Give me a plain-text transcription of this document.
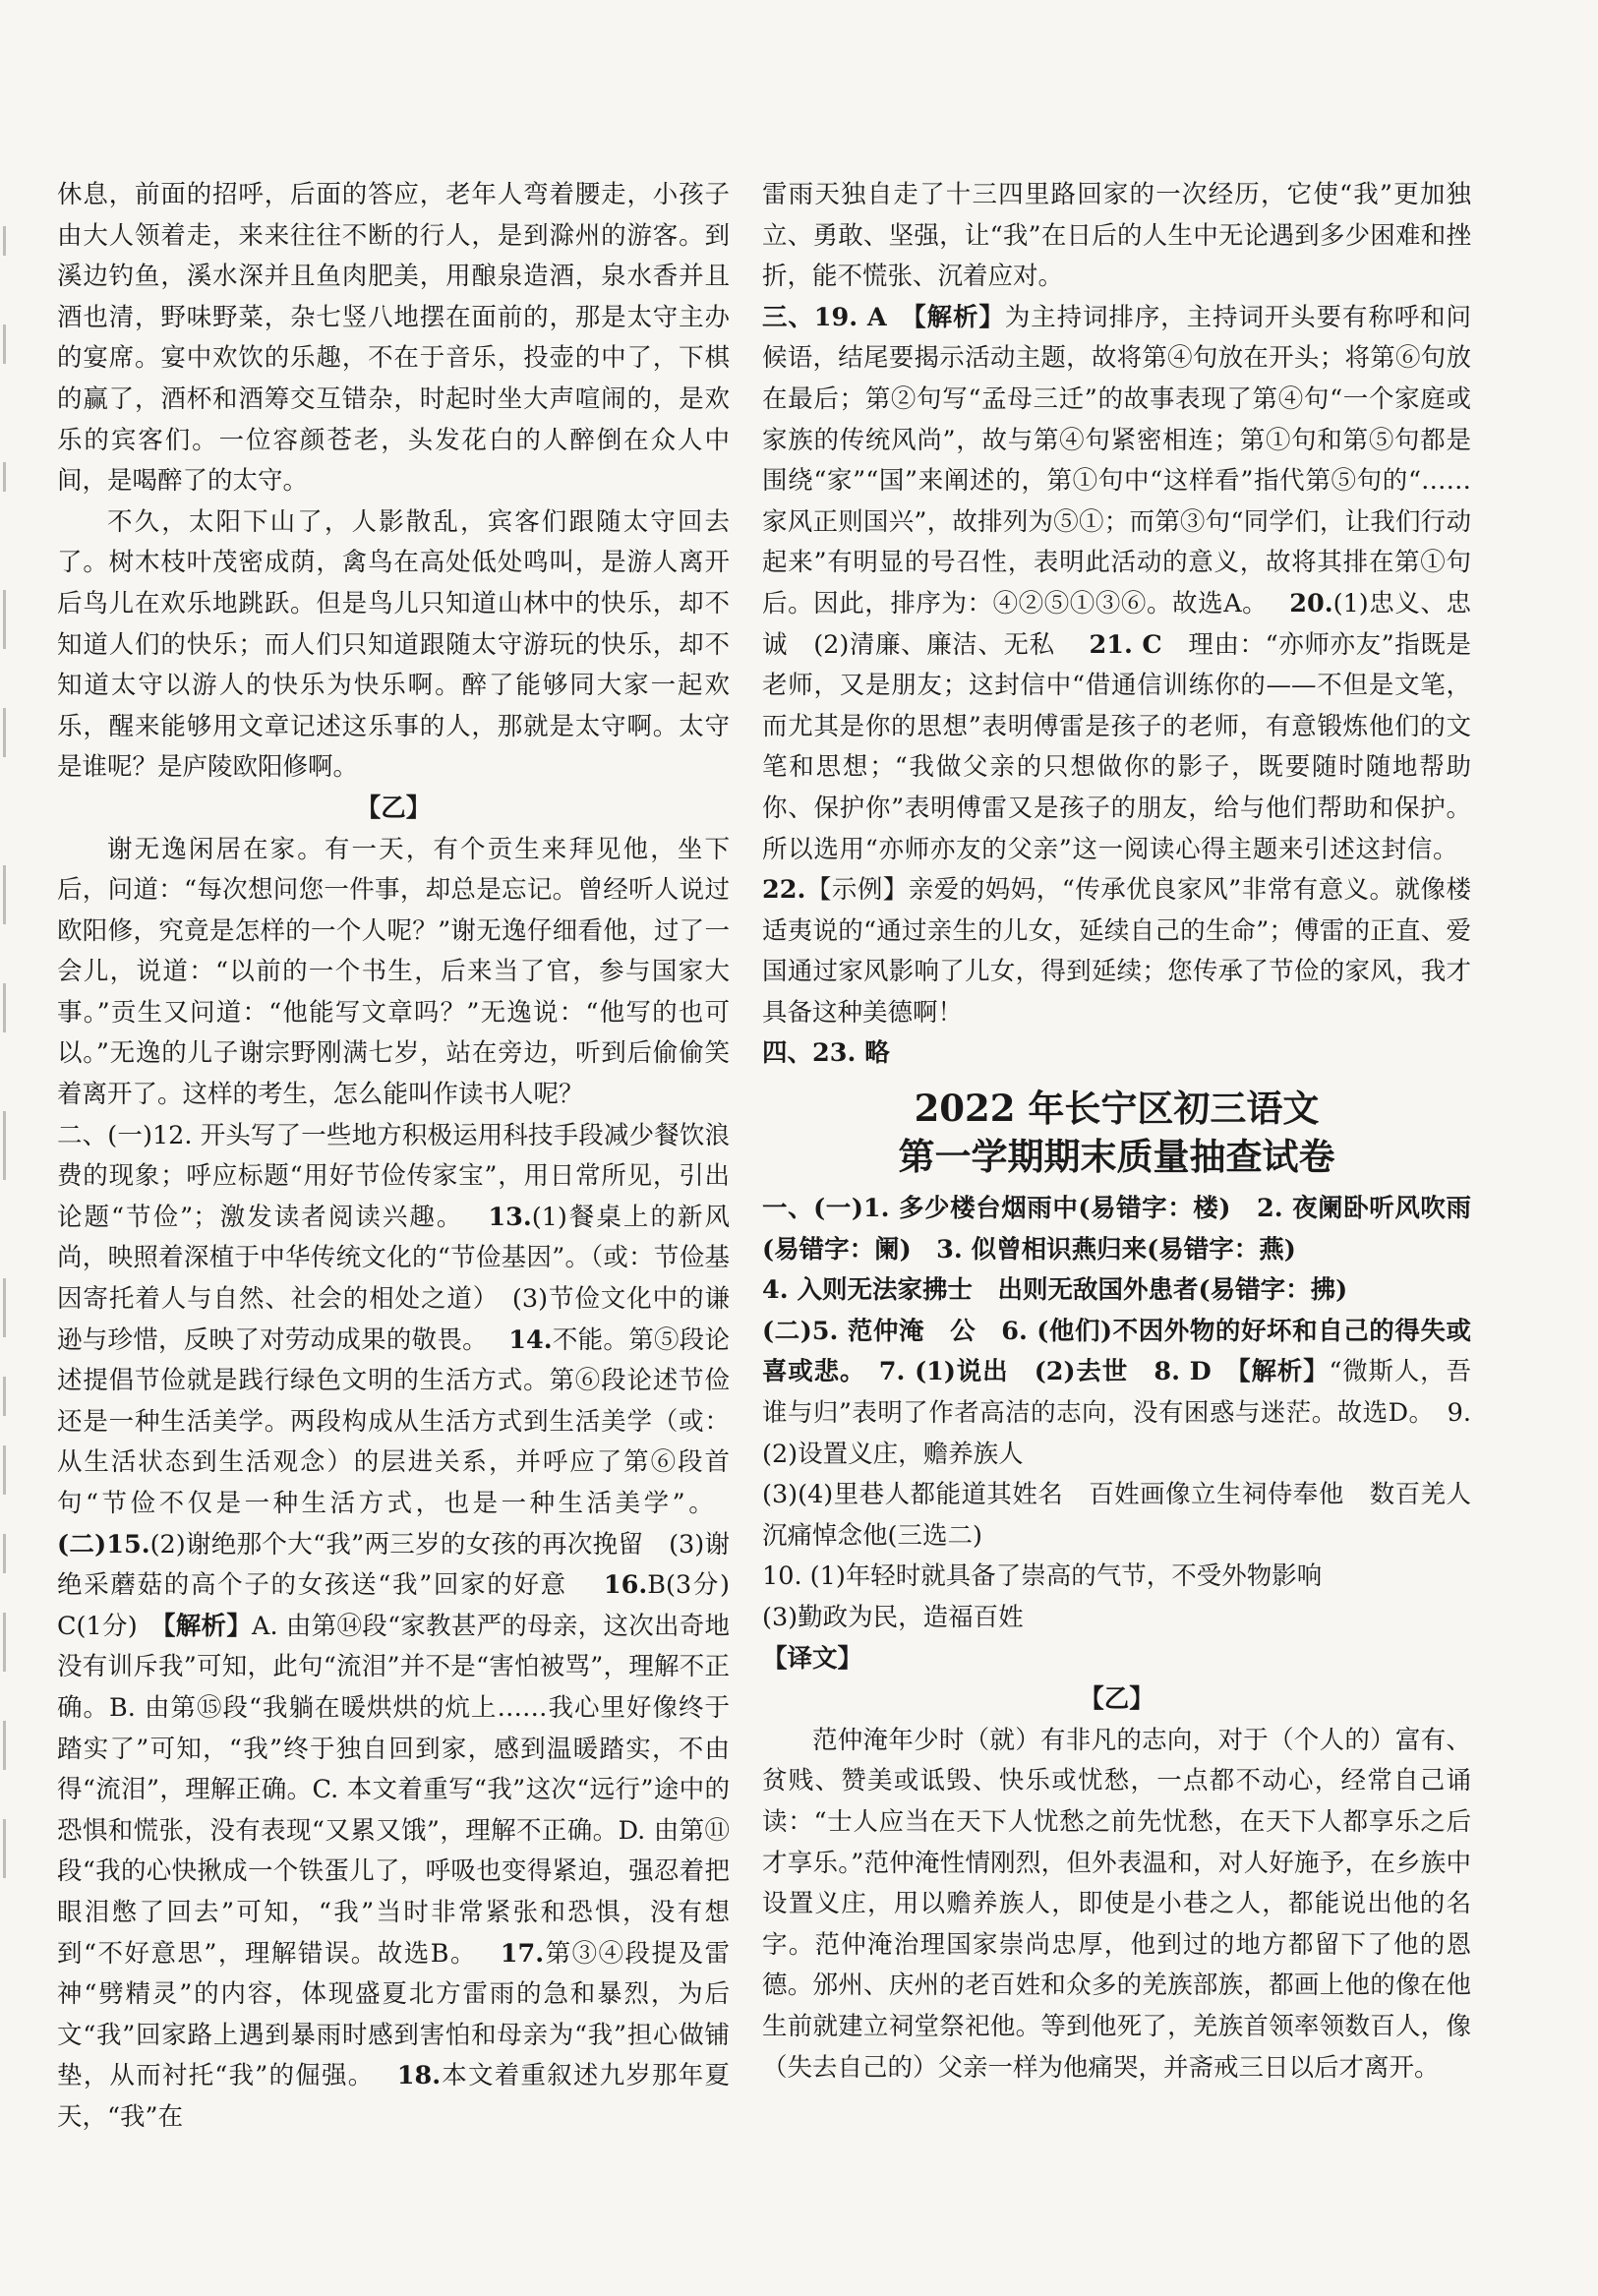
休息，前面的招呼，后面的答应，老年人弯着腰走，小孩子由大人领着走，来来往往不断的行人，是到滁州的游客。到溪边钓鱼，溪水深并且鱼肉肥美，用酿泉造酒，泉水香并且酒也清，野味野菜，杂七竖八地摆在面前的，那是太守主办的宴席。宴中欢饮的乐趣，不在于音乐，投壶的中了，下棋的赢了，酒杯和酒筹交互错杂，时起时坐大声喧闹的，是欢乐的宾客们。一位容颜苍老，头发花白的人醉倒在众人中间，是喝醉了的太守。

不久，太阳下山了，人影散乱，宾客们跟随太守回去了。树木枝叶茂密成荫，禽鸟在高处低处鸣叫，是游人离开后鸟儿在欢乐地跳跃。但是鸟儿只知道山林中的快乐，却不知道人们的快乐；而人们只知道跟随太守游玩的快乐，却不知道太守以游人的快乐为快乐啊。醉了能够同大家一起欢乐，醒来能够用文章记述这乐事的人，那就是太守啊。太守是谁呢？是庐陵欧阳修啊。

【乙】

谢无逸闲居在家。有一天，有个贡生来拜见他，坐下后，问道：“每次想问您一件事，却总是忘记。曾经听人说过欧阳修，究竟是怎样的一个人呢？”谢无逸仔细看他，过了一会儿，说道：“以前的一个书生，后来当了官，参与国家大事。”贡生又问道：“他能写文章吗？”无逸说：“他写的也可以。”无逸的儿子谢宗野刚满七岁，站在旁边，听到后偷偷笑着离开了。这样的考生，怎么能叫作读书人呢？

二、(一)12. 开头写了一些地方积极运用科技手段减少餐饮浪费的现象；呼应标题“用好节俭传家宝”，用日常所见，引出论题“节俭”；激发读者阅读兴趣。　 13.(1)餐桌上的新风尚，映照着深植于中华传统文化的“节俭基因”。（或：节俭基因寄托着人与自然、社会的相处之道）　(3)节俭文化中的谦逊与珍惜，反映了对劳动成果的敬畏。　 14.不能。第⑤段论述提倡节俭就是践行绿色文明的生活方式。第⑥段论述节俭还是一种生活美学。两段构成从生活方式到生活美学（或：从生活状态到生活观念）的层进关系，并呼应了第⑥段首句“节俭不仅是一种生活方式，也是一种生活美学”。　 (二)15.(2)谢绝那个大“我”两三岁的女孩的再次挽留　(3)谢绝采蘑菇的高个子的女孩送“我”回家的好意　 16.B(3分)　C(1分)　【解析】A. 由第⑭段“家教甚严的母亲，这次出奇地没有训斥我”可知，此句“流泪”并不是“害怕被骂”，理解不正确。B. 由第⑮段“我躺在暖烘烘的炕上……我心里好像终于踏实了”可知，“我”终于独自回到家，感到温暖踏实，不由得“流泪”，理解正确。C. 本文着重写“我”这次“远行”途中的恐惧和慌张，没有表现“又累又饿”，理解不正确。D. 由第⑪段“我的心快揪成一个铁蛋儿了，呼吸也变得紧迫，强忍着把眼泪憋了回去”可知，“我”当时非常紧张和恐惧，没有想到“不好意思”，理解错误。故选B。　 17.第③④段提及雷神“劈精灵”的内容，体现盛夏北方雷雨的急和暴烈，为后文“我”回家路上遇到暴雨时感到害怕和母亲为“我”担心做铺垫，从而衬托“我”的倔强。　 18.本文着重叙述九岁那年夏天，“我”在

雷雨天独自走了十三四里路回家的一次经历，它使“我”更加独立、勇敢、坚强，让“我”在日后的人生中无论遇到多少困难和挫折，能不慌张、沉着应对。

三、19. A　【解析】为主持词排序，主持词开头要有称呼和问候语，结尾要揭示活动主题，故将第④句放在开头；将第⑥句放在最后；第②句写“孟母三迁”的故事表现了第④句“一个家庭或家族的传统风尚”，故与第④句紧密相连；第①句和第⑤句都是围绕“家”“国”来阐述的，第①句中“这样看”指代第⑤句的“……家风正则国兴”，故排列为⑤①；而第③句“同学们，让我们行动起来”有明显的号召性，表明此活动的意义，故将其排在第①句后。因此，排序为：④②⑤①③⑥。故选A。　 20.(1)忠义、忠诚　(2)清廉、廉洁、无私　 21. C　 理由：“亦师亦友”指既是老师，又是朋友；这封信中“借通信训练你的——不但是文笔，而尤其是你的思想”表明傅雷是孩子的老师，有意锻炼他们的文笔和思想；“我做父亲的只想做你的影子，既要随时随地帮助你、保护你”表明傅雷又是孩子的朋友，给与他们帮助和保护。所以选用“亦师亦友的父亲”这一阅读心得主题来引述这封信。　 22.【示例】亲爱的妈妈，“传承优良家风”非常有意义。就像楼适夷说的“通过亲生的儿女，延续自己的生命”；傅雷的正直、爱国通过家风影响了儿女，得到延续；您传承了节俭的家风，我才具备这种美德啊！

四、23. 略

2022 年长宁区初三语文
第一学期期末质量抽查试卷

一、(一)1. 多少楼台烟雨中(易错字：楼)　2. 夜阑卧听风吹雨(易错字：阑)　3. 似曾相识燕归来(易错字：燕)

4. 入则无法家拂士　出则无敌国外患者(易错字：拂)

(二)5. 范仲淹　公　6. (他们)不因外物的好坏和自己的得失或喜或悲。　7. (1)说出　(2)去世　8. D　【解析】“微斯人，吾谁与归”表明了作者高洁的志向，没有困惑与迷茫。故选D。　9. (2)设置义庄，赡养族人

(3)(4)里巷人都能道其姓名　百姓画像立生祠侍奉他　数百羌人沉痛悼念他(三选二)

10. (1)年轻时就具备了崇高的气节，不受外物影响

(3)勤政为民，造福百姓

【译文】

【乙】

范仲淹年少时（就）有非凡的志向，对于（个人的）富有、贫贱、赞美或诋毁、快乐或忧愁，一点都不动心，经常自己诵读：“士人应当在天下人忧愁之前先忧愁，在天下人都享乐之后才享乐。”范仲淹性情刚烈，但外表温和，对人好施予，在乡族中设置义庄，用以赡养族人，即使是小巷之人，都能说出他的名字。范仲淹治理国家崇尚忠厚，他到过的地方都留下了他的恩德。邠州、庆州的老百姓和众多的羌族部族，都画上他的像在他生前就建立祠堂祭祀他。等到他死了，羌族首领率领数百人，像（失去自己的）父亲一样为他痛哭，并斋戒三日以后才离开。
